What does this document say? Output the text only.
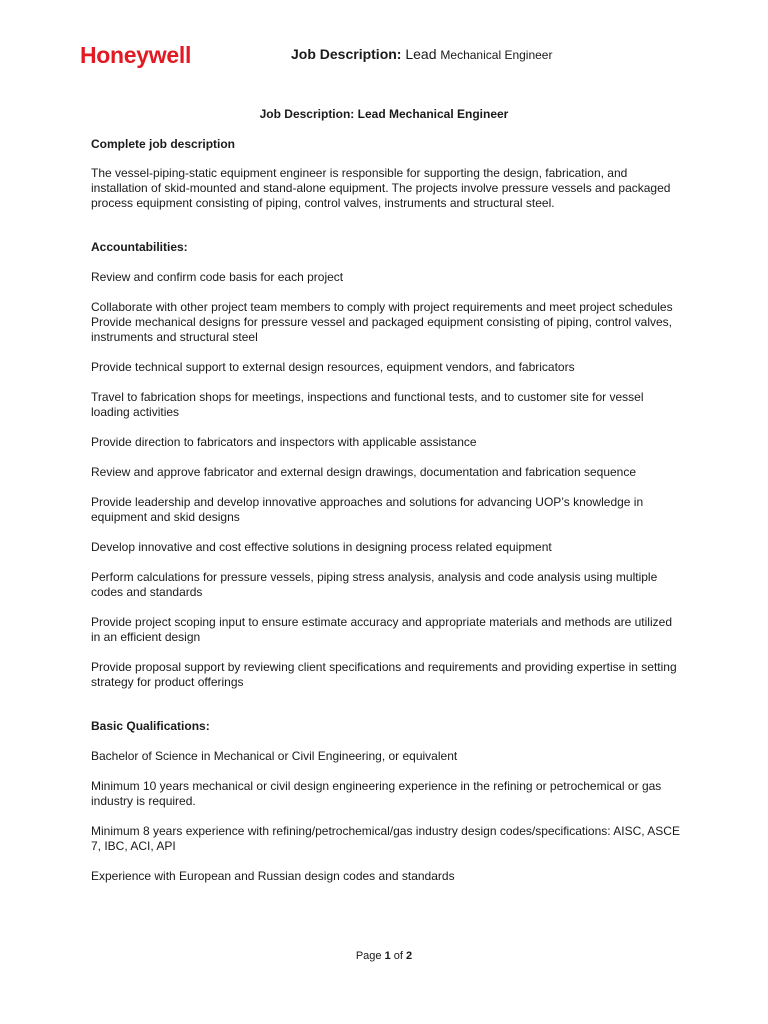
Honeywell	Job Description: Lead Mechanical Engineer
Job Description: Lead Mechanical Engineer

Complete job description

The vessel-piping-static equipment engineer is responsible for supporting the design, fabrication, and installation of skid-mounted and stand-alone equipment. The projects involve pressure vessels and packaged process equipment consisting of piping, control valves, instruments and structural steel.

Accountabilities:

Review and confirm code basis for each project

Collaborate with other project team members to comply with project requirements and meet project schedules

Provide mechanical designs for pressure vessel and packaged equipment consisting of piping, control valves, instruments and structural steel

Provide technical support to external design resources, equipment vendors, and fabricators

Travel to fabrication shops for meetings, inspections and functional tests, and to customer site for vessel loading activities

Provide direction to fabricators and inspectors with applicable assistance

Review and approve fabricator and external design drawings, documentation and fabrication sequence

Provide leadership and develop innovative approaches and solutions for advancing UOP’s knowledge in equipment and skid designs

Develop innovative and cost effective solutions in designing process related equipment

Perform calculations for pressure vessels, piping stress analysis, analysis and code analysis using multiple codes and standards

Provide project scoping input to ensure estimate accuracy and appropriate materials and methods are utilized in an efficient design

Provide proposal support by reviewing client specifications and requirements and providing expertise in setting strategy for product offerings

Basic Qualifications:

Bachelor of Science in Mechanical or Civil Engineering, or equivalent

Minimum 10 years mechanical or civil design engineering experience in the refining or petrochemical or gas industry is required.

Minimum 8 years experience with refining/petrochemical/gas industry design codes/specifications: AISC, ASCE 7, IBC, ACI, API

Experience with European and Russian design codes and standards

Page 1 of 2
